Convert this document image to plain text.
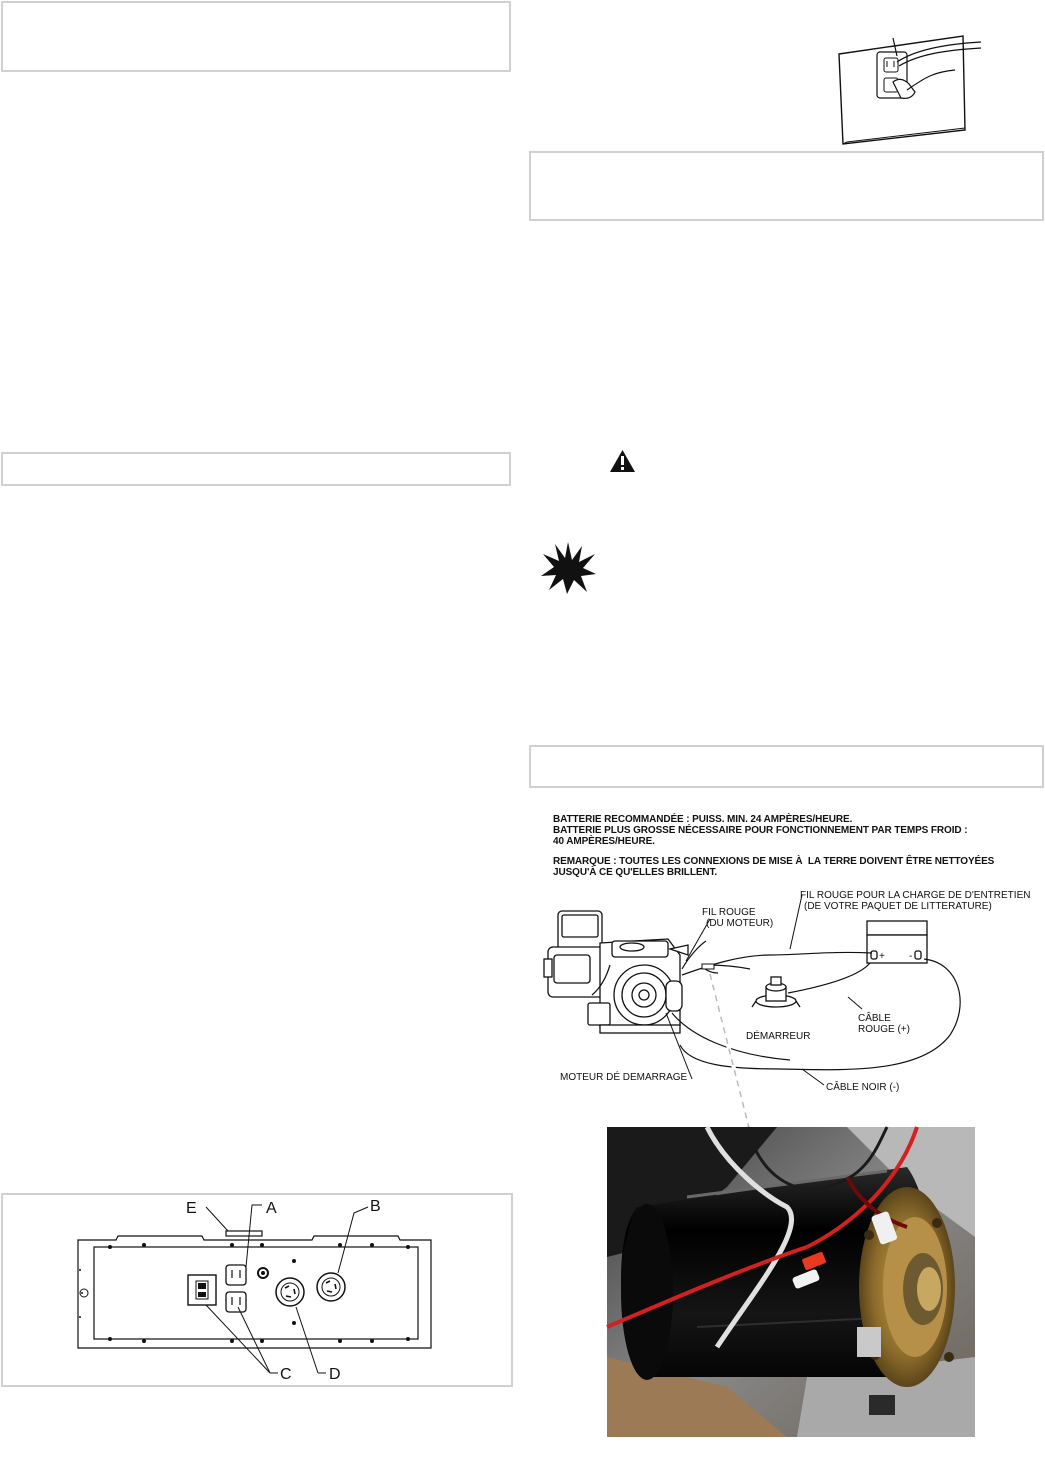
BATTERIE RECOMMANDÉE : PUISS. MIN. 24 AMPÈRES/HEURE.
BATTERIE PLUS GROSSE NÉCESSAIRE POUR FONCTIONNEMENT PAR TEMPS FROID :
40 AMPÈRES/HEURE.
REMARQUE : TOUTES LES CONNEXIONS DE MISE À  LA TERRE DOIVENT ÊTRE NETTOYÉES
JUSQU'À CE QU'ELLES BRILLENT.
+ -
FIL ROUGE
(DU MOTEUR)
FIL ROUGE POUR LA CHARGE DE D'ENTRETIEN
(DE VOTRE PAQUET DE LITTERATURE)
CÂBLE
ROUGE (+)
DÉMARREUR
MOTEUR DÉ DEMARRAGE
CÂBLE NOIR (-)
E	A	B
C D
